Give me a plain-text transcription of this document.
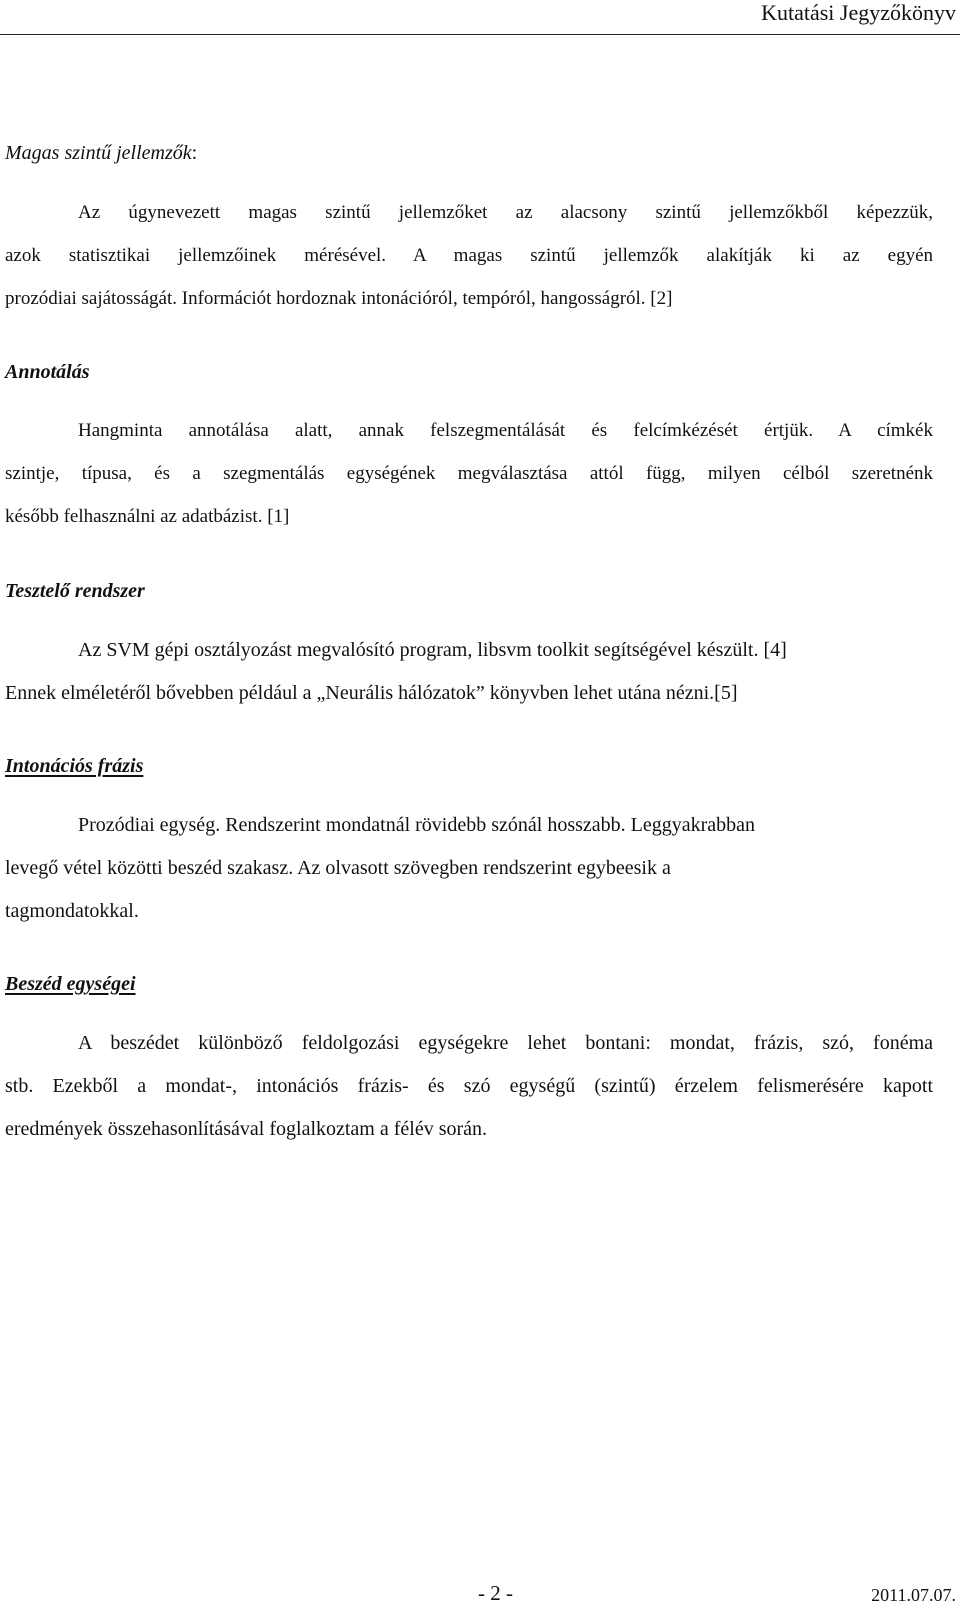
Kutatási Jegyzőkönyv
Magas szintű jellemzők:
Az úgynevezett magas szintű jellemzőket az alacsony szintű jellemzőkből képezzük,
azok statisztikai jellemzőinek mérésével. A magas szintű jellemzők alakítják ki az egyén
prozódiai sajátosságát. Információt hordoznak intonációról, tempóról, hangosságról. [2]
Annotálás
Hangminta annotálása alatt, annak felszegmentálását és felcímkézését értjük. A címkék
szintje, típusa, és a szegmentálás egységének megválasztása attól függ, milyen célból szeretnénk
később felhasználni az adatbázist. [1]
Tesztelő rendszer
Az SVM gépi osztályozást megvalósító program, libsvm toolkit segítségével készült. [4]
Ennek elméletéről bővebben például a „Neurális hálózatok” könyvben lehet utána nézni.[5]
Intonációs frázis
Prozódiai egység. Rendszerint mondatnál rövidebb szónál hosszabb. Leggyakrabban
levegő vétel közötti beszéd szakasz. Az olvasott szövegben rendszerint egybeesik a
tagmondatokkal.
Beszéd egységei
A beszédet különböző feldolgozási egységekre lehet bontani: mondat, frázis, szó, fonéma
stb. Ezekből a mondat-, intonációs frázis- és szó egységű (szintű) érzelem felismerésére kapott
eredmények összehasonlításával foglalkoztam a félév során.
- 2 -	2011.07.07.
